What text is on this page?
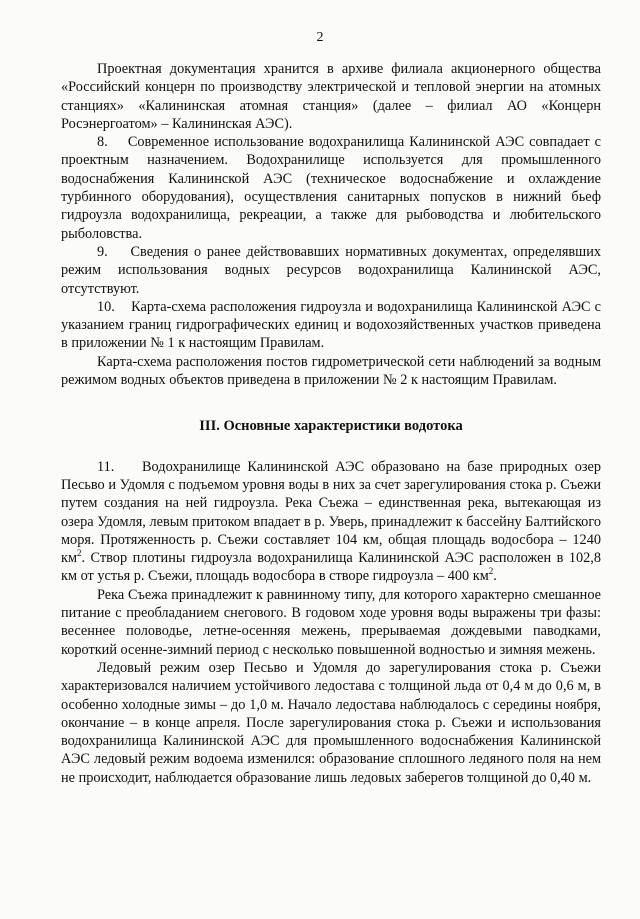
2

Проектная документация хранится в архиве филиала акционерного общества «Российский концерн по производству электрической и тепловой энергии на атомных станциях» «Калининская атомная станция» (далее – филиал АО «Концерн Росэнергоатом» – Калининская АЭС).

8.    Современное использование водохранилища Калининской АЭС совпадает с проектным назначением. Водохранилище используется для промышленного водоснабжения Калининской АЭС (техническое водоснабжение и охлаждение турбинного оборудования), осуществления санитарных попусков в нижний бьеф гидроузла водохранилища, рекреации, а также для рыбоводства и любительского рыболовства.

9.    Сведения о ранее действовавших нормативных документах, определявших режим использования водных ресурсов водохранилища Калининской АЭС, отсутствуют.

10.    Карта-схема расположения гидроузла и водохранилища Калининской АЭС с указанием границ гидрографических единиц и водохозяйственных участков приведена в приложении № 1 к настоящим Правилам.

Карта-схема расположения постов гидрометрической сети наблюдений за водным режимом водных объектов приведена в приложении № 2 к настоящим Правилам.

III. Основные характеристики водотока

11.    Водохранилище Калининской АЭС образовано на базе природных озер Песьво и Удомля с подъемом уровня воды в них за счет зарегулирования стока р. Съежи путем создания на ней гидроузла. Река Съежа – единственная река, вытекающая из озера Удомля, левым притоком впадает в р. Уверь, принадлежит к бассейну Балтийского моря. Протяженность р. Съежи составляет 104 км, общая площадь водосбора – 1240 $км^2$. Створ плотины гидроузла водохранилища Калининской АЭС расположен в 102,8 км от устья р. Съежи, площадь водосбора в створе гидроузла – 400 $км^2$.

Река Съежа принадлежит к равнинному типу, для которого характерно смешанное питание с преобладанием снегового. В годовом ходе уровня воды выражены три фазы: весеннее половодье, летне-осенняя межень, прерываемая дождевыми паводками, короткий осенне-зимний период с несколько повышенной водностью и зимняя межень.

Ледовый режим озер Песьво и Удомля до зарегулирования стока р. Съежи характеризовался наличием устойчивого ледостава с толщиной льда от 0,4 м до 0,6 м, в особенно холодные зимы – до 1,0 м. Начало ледостава наблюдалось с середины ноября, окончание – в конце апреля. После зарегулирования стока р. Съежи и использования водохранилища Калининской АЭС для промышленного водоснабжения Калининской АЭС ледовый режим водоема изменился: образование сплошного ледяного поля на нем не происходит, наблюдается образование лишь ледовых заберегов толщиной до 0,40 м.
